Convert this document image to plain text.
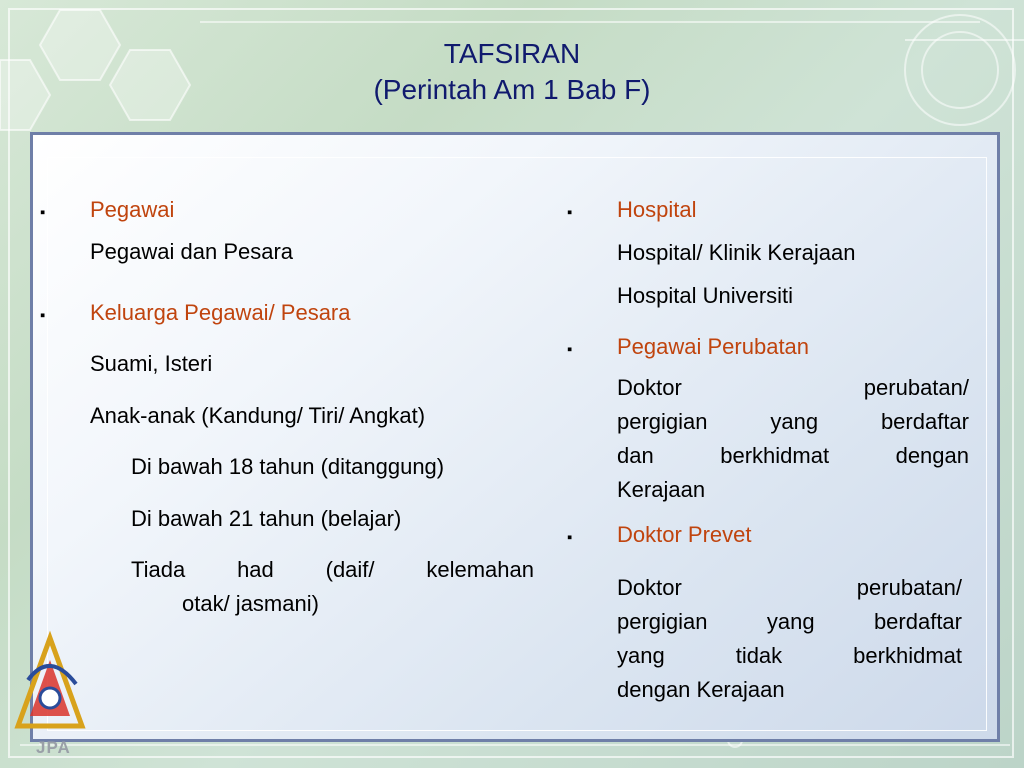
TAFSIRAN
(Perintah Am 1 Bab F)
▪ Pegawai
Pegawai dan Pesara
▪ Keluarga Pegawai/ Pesara
Suami, Isteri
Anak-anak (Kandung/ Tiri/ Angkat)
Di bawah 18 tahun (ditanggung)
Di bawah 21 tahun (belajar)
Tiada had (daif/ kelemahan
otak/ jasmani)
▪ Hospital
Hospital/ Klinik Kerajaan
Hospital Universiti
▪ Pegawai Perubatan
Doktor perubatan/
pergigian yang berdaftar
dan berkhidmat dengan
Kerajaan
▪ Doktor Prevet
Doktor perubatan/
pergigian yang berdaftar
yang tidak berkhidmat
dengan Kerajaan
JPA
